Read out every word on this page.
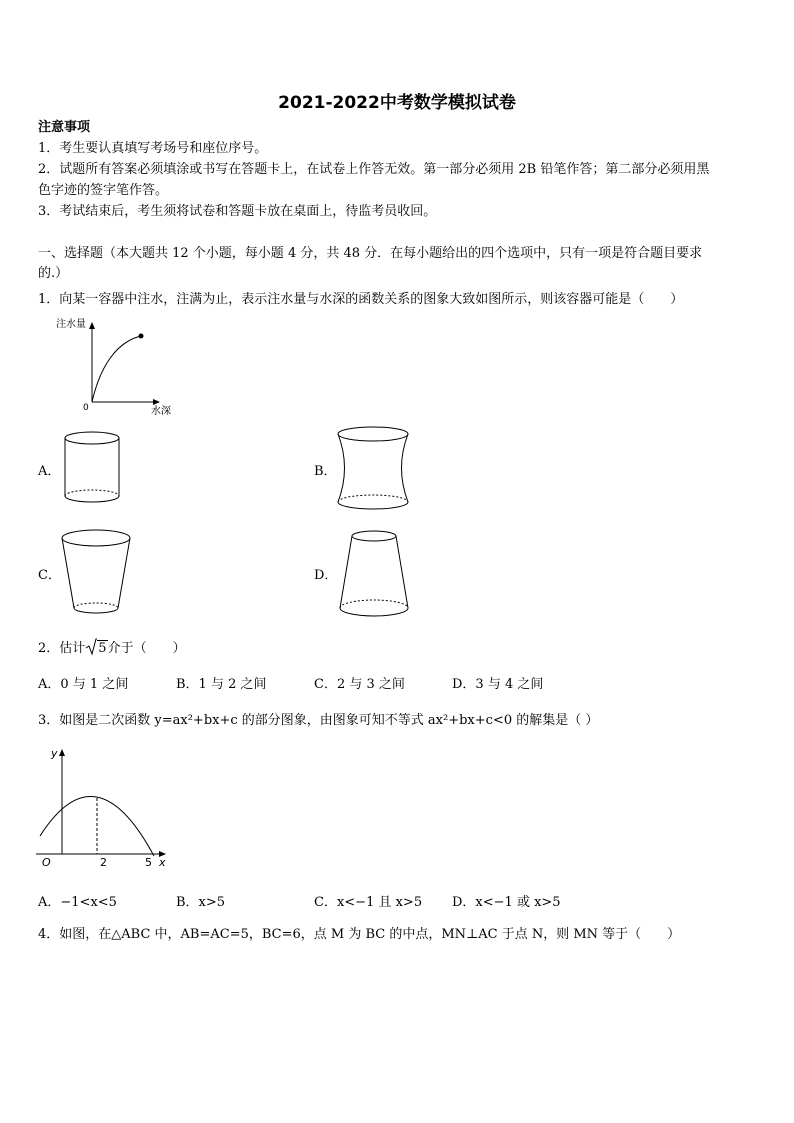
2021-2022中考数学模拟试卷
注意事项
1．考生要认真填写考场号和座位序号。
2．试题所有答案必须填涂或书写在答题卡上，在试卷上作答无效。第一部分必须用 2B 铅笔作答；第二部分必须用黑
色字迹的签字笔作答。
3．考试结束后，考生须将试卷和答题卡放在桌面上，待监考员收回。
一、选择题（本大题共 12 个小题，每小题 4 分，共 48 分．在每小题给出的四个选项中，只有一项是符合题目要求
的.）
1．向某一容器中注水，注满为止，表示注水量与水深的函数关系的图象大致如图所示，则该容器可能是（　　）
注水量
0	水深
A．	B．
C．	D．
2．估计 5介于（　　）
A．0 与 1 之间	B．1 与 2 之间	C．2 与 3 之间	D．3 与 4 之间
3．如图是二次函数 y=ax²+bx+c 的部分图象，由图象可知不等式 ax²+bx+c<0 的解集是（ ）
y
O	2	5 x
A．−1<x<5	B．x>5	C．x<−1 且 x>5 D．x<−1 或 x>5
4．如图，在△ABC 中，AB=AC=5，BC=6，点 M 为 BC 的中点，MN⊥AC 于点 N，则 MN 等于（　　）
